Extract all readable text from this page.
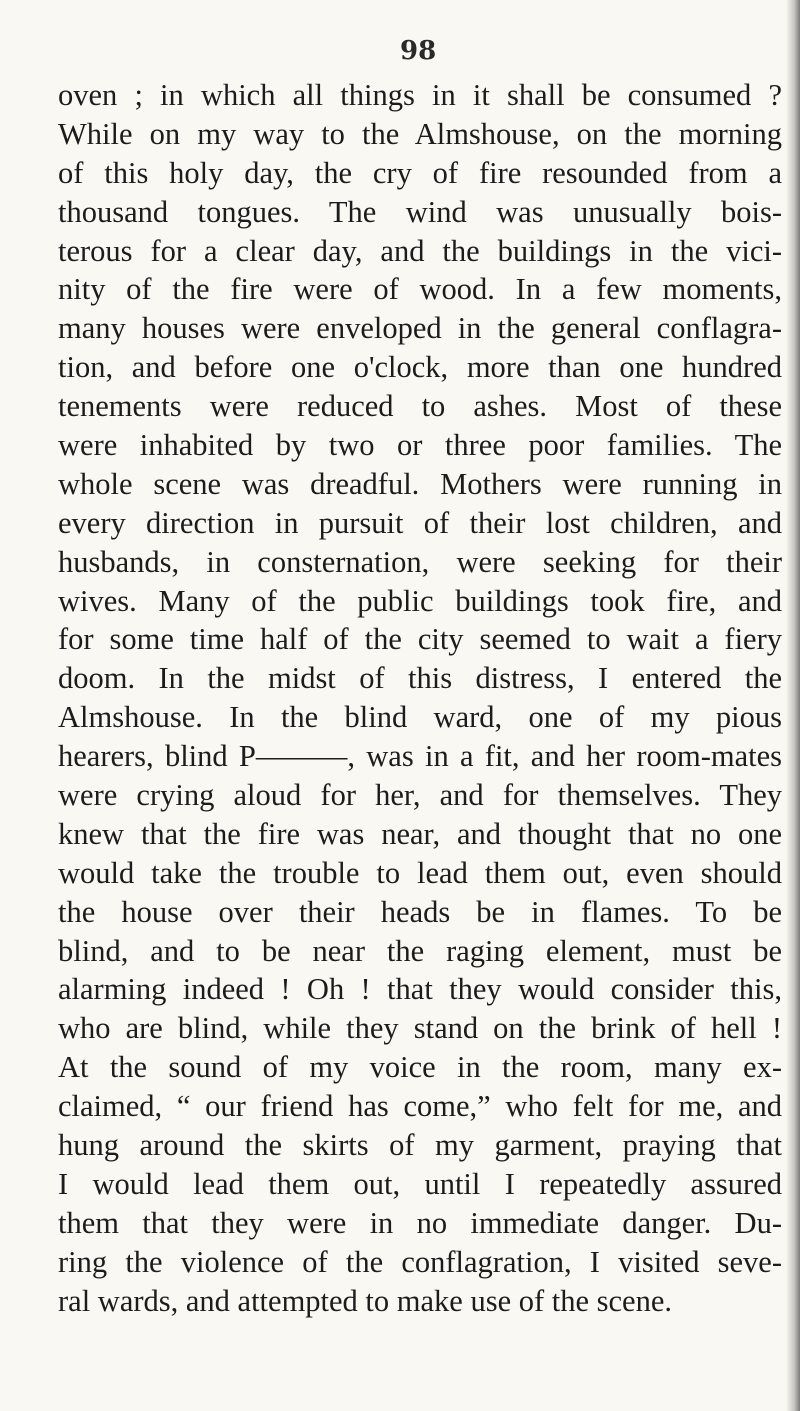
98

oven ; in which all things in it shall be consumed ?
While on my way to the Almshouse, on the morning
of this holy day, the cry of fire resounded from a
thousand tongues. The wind was unusually bois-
terous for a clear day, and the buildings in the vici-
nity of the fire were of wood. In a few moments,
many houses were enveloped in the general conflagra-
tion, and before one o'clock, more than one hundred
tenements were reduced to ashes. Most of these
were inhabited by two or three poor families. The
whole scene was dreadful. Mothers were running in
every direction in pursuit of their lost children, and
husbands, in consternation, were seeking for their
wives. Many of the public buildings took fire, and
for some time half of the city seemed to wait a fiery
doom. In the midst of this distress, I entered the
Almshouse. In the blind ward, one of my pious
hearers, blind P———, was in a fit, and her room-mates
were crying aloud for her, and for themselves. They
knew that the fire was near, and thought that no one
would take the trouble to lead them out, even should
the house over their heads be in flames. To be
blind, and to be near the raging element, must be
alarming indeed ! Oh ! that they would consider this,
who are blind, while they stand on the brink of hell !
At the sound of my voice in the room, many ex-
claimed, “ our friend has come,” who felt for me, and
hung around the skirts of my garment, praying that
I would lead them out, until I repeatedly assured
them that they were in no immediate danger. Du-
ring the violence of the conflagration, I visited seve-
ral wards, and attempted to make use of the scene.
